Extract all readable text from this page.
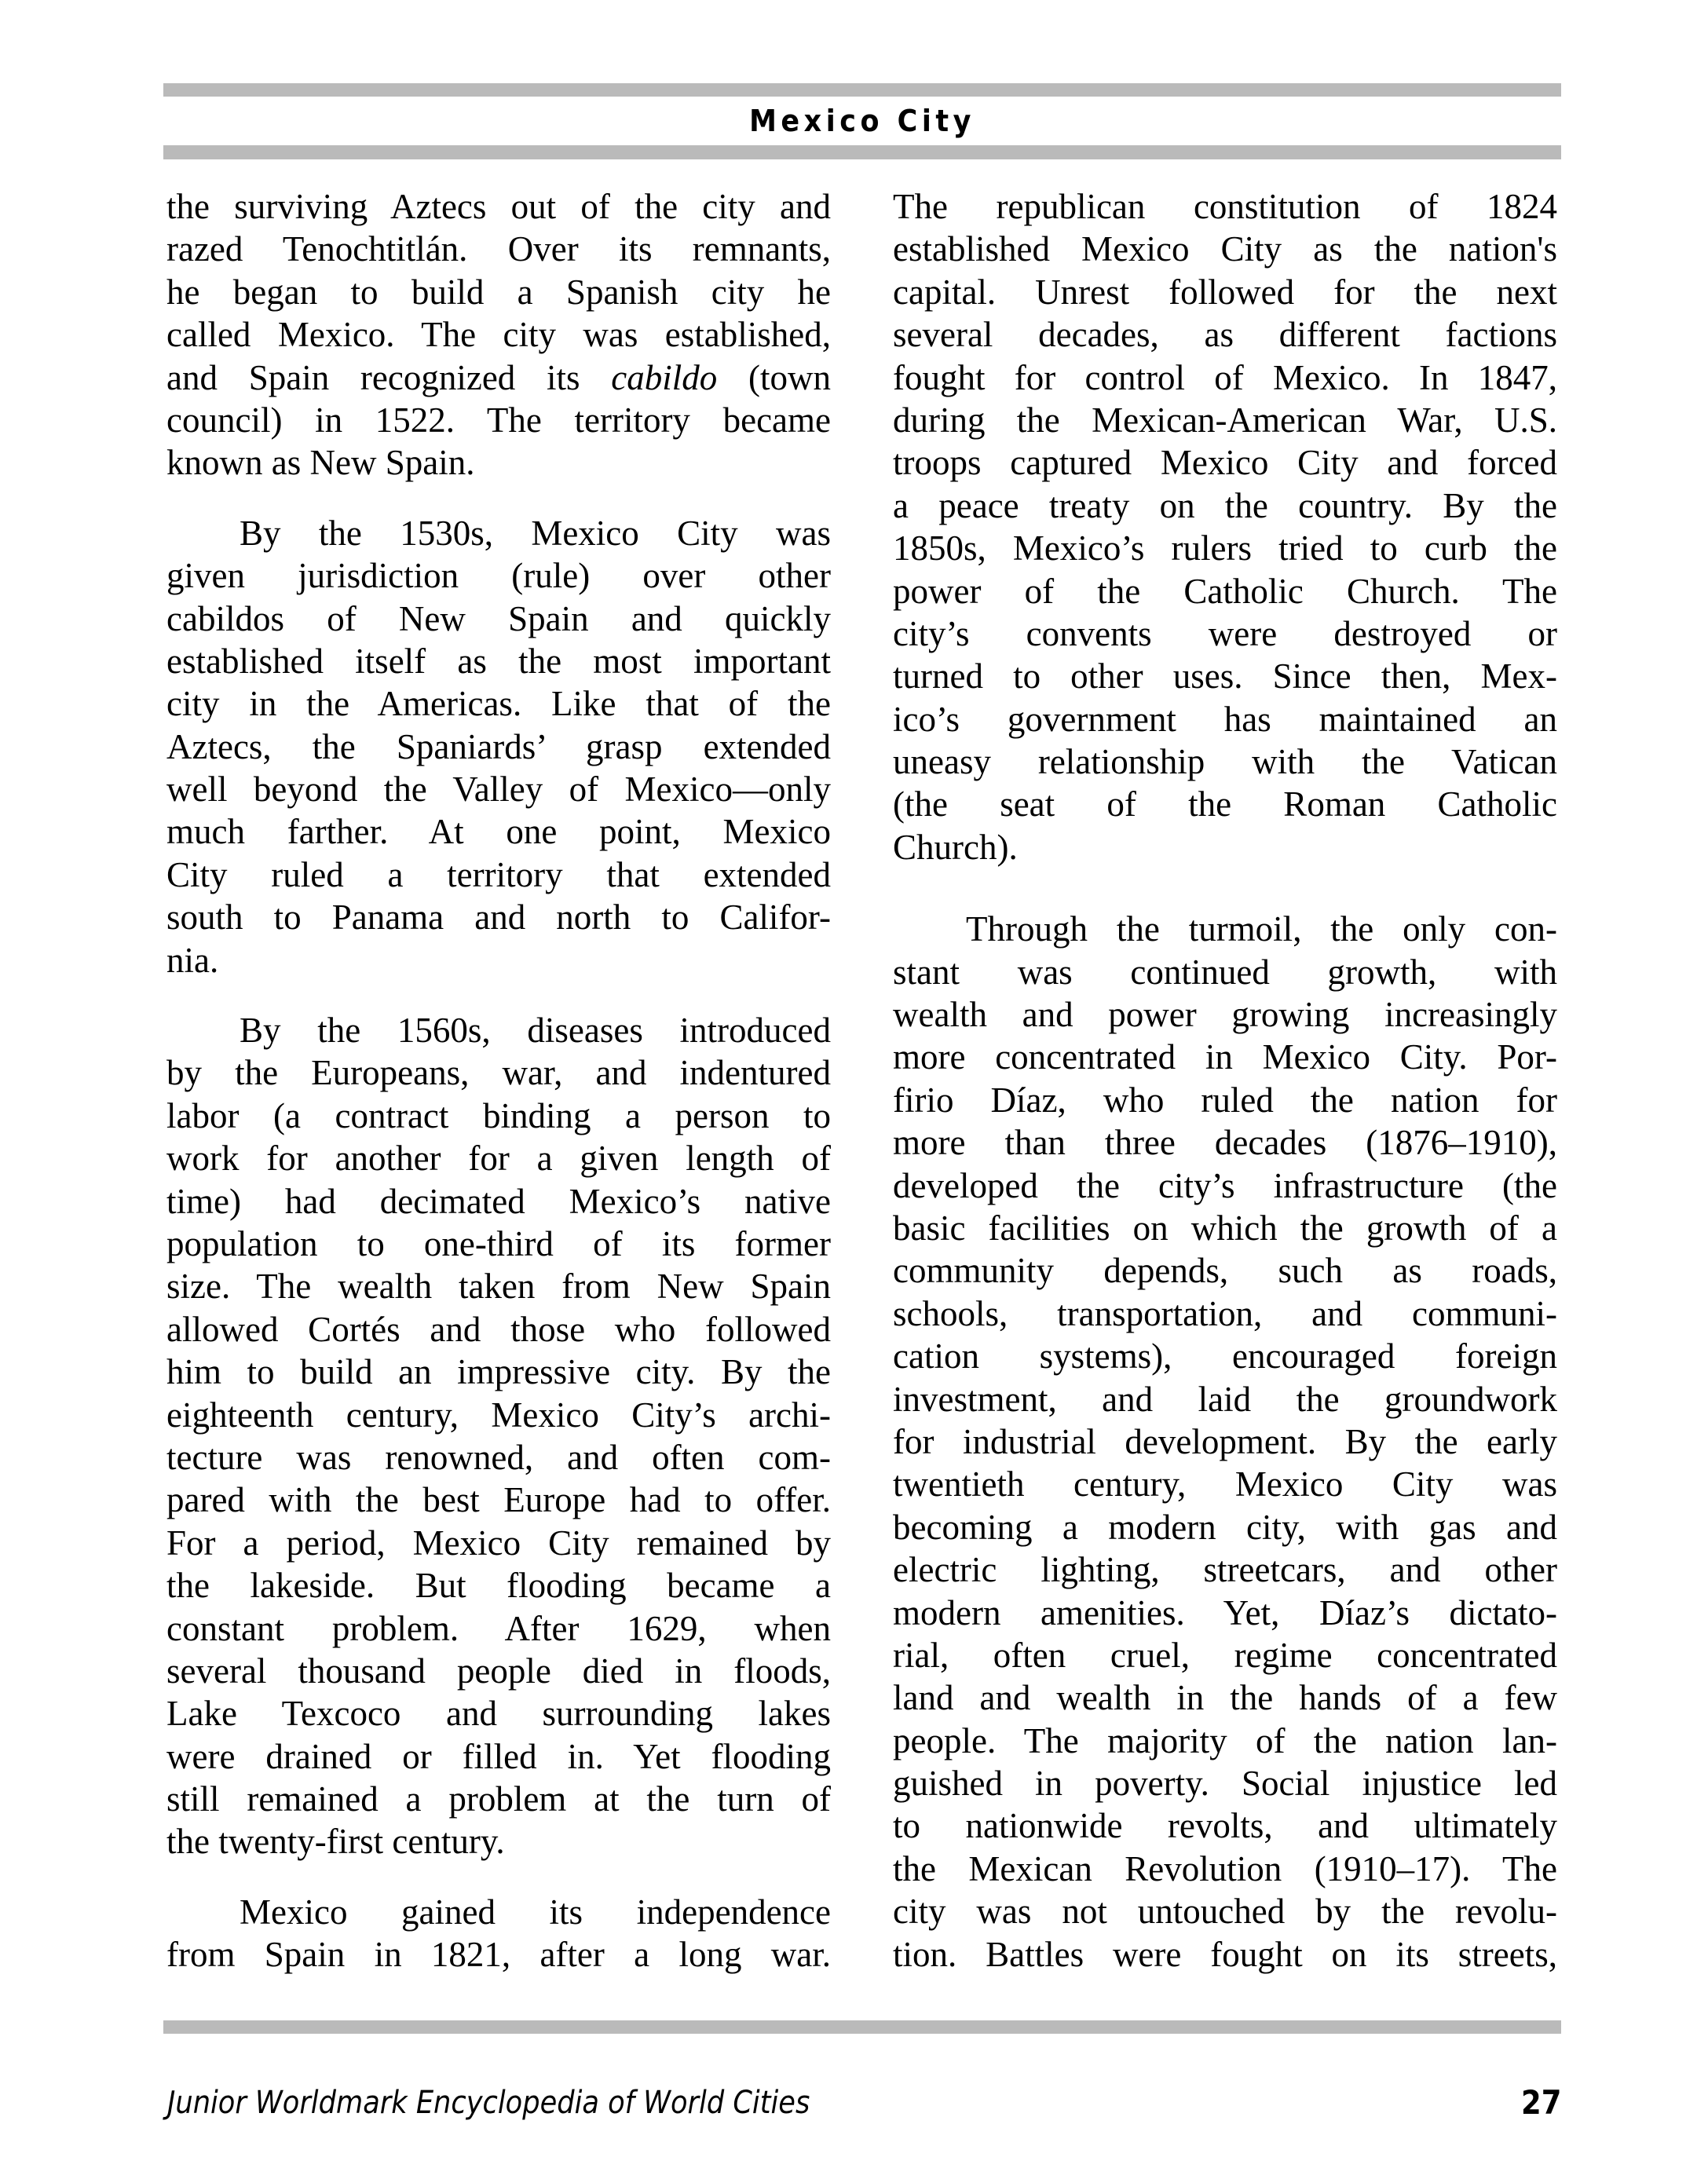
Mexico City

the surviving Aztecs out of the city and
razed Tenochtitlán. Over its remnants,
he began to build a Spanish city he
called Mexico. The city was established,
and Spain recognized its cabildo (town
council) in 1522. The territory became
known as New Spain.

By the 1530s, Mexico City was
given jurisdiction (rule) over other
cabildos of New Spain and quickly
established itself as the most important
city in the Americas. Like that of the
Aztecs, the Spaniards’ grasp extended
well beyond the Valley of Mexico—only
much farther. At one point, Mexico
City ruled a territory that extended
south to Panama and north to Califor-
nia.

By the 1560s, diseases introduced
by the Europeans, war, and indentured
labor (a contract binding a person to
work for another for a given length of
time) had decimated Mexico’s native
population to one-third of its former
size. The wealth taken from New Spain
allowed Cortés and those who followed
him to build an impressive city. By the
eighteenth century, Mexico City’s archi-
tecture was renowned, and often com-
pared with the best Europe had to offer.
For a period, Mexico City remained by
the lakeside. But flooding became a
constant problem. After 1629, when
several thousand people died in floods,
Lake Texcoco and surrounding lakes
were drained or filled in. Yet flooding
still remained a problem at the turn of
the twenty-first century.

Mexico gained its independence
from Spain in 1821, after a long war.

The republican constitution of 1824
established Mexico City as the nation's
capital. Unrest followed for the next
several decades, as different factions
fought for control of Mexico. In 1847,
during the Mexican-American War, U.S.
troops captured Mexico City and forced
a peace treaty on the country. By the
1850s, Mexico’s rulers tried to curb the
power of the Catholic Church. The
city’s convents were destroyed or
turned to other uses. Since then, Mex-
ico’s government has maintained an
uneasy relationship with the Vatican
(the seat of the Roman Catholic
Church).

Through the turmoil, the only con-
stant was continued growth, with
wealth and power growing increasingly
more concentrated in Mexico City. Por-
firio Díaz, who ruled the nation for
more than three decades (1876–1910),
developed the city’s infrastructure (the
basic facilities on which the growth of a
community depends, such as roads,
schools, transportation, and communi-
cation systems), encouraged foreign
investment, and laid the groundwork
for industrial development. By the early
twentieth century, Mexico City was
becoming a modern city, with gas and
electric lighting, streetcars, and other
modern amenities. Yet, Díaz’s dictato-
rial, often cruel, regime concentrated
land and wealth in the hands of a few
people. The majority of the nation lan-
guished in poverty. Social injustice led
to nationwide revolts, and ultimately
the Mexican Revolution (1910–17). The
city was not untouched by the revolu-
tion. Battles were fought on its streets,

Junior Worldmark Encyclopedia of World Cities	27
